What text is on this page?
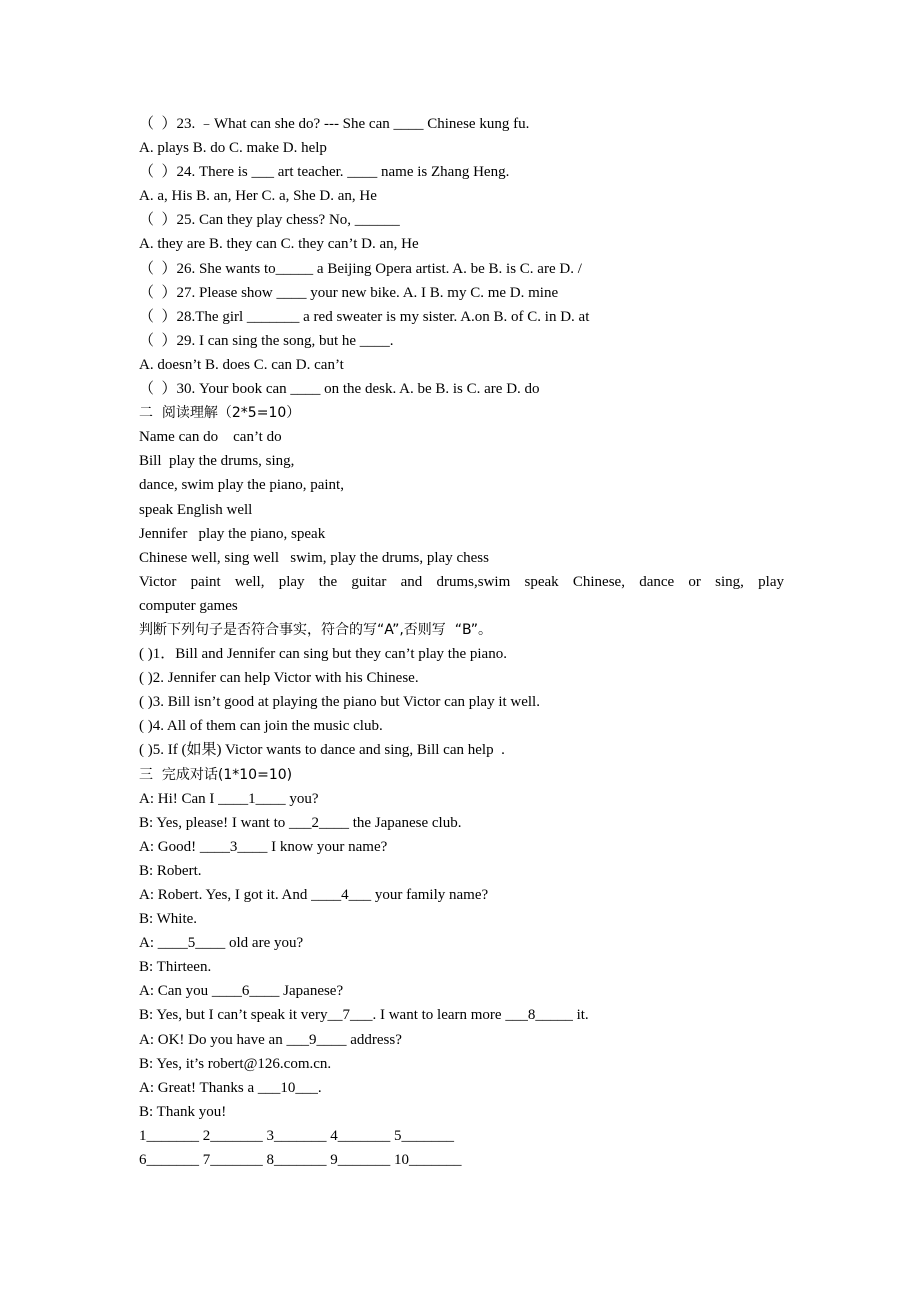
（  ）23. ﹣What can she do? --- She can ____ Chinese kung fu.
A. plays B. do C. make D. help
（  ）24. There is ___ art teacher. ____ name is Zhang Heng.
A. a, His B. an, Her C. a, She D. an, He
（  ）25. Can they play chess? No, ______
A. they are B. they can C. they can’t D. an, He
（  ）26. She wants to_____ a Beijing Opera artist. A. be B. is C. are D. /
（  ）27. Please show ____ your new bike. A. I B. my C. me D. mine
（  ）28.The girl _______ a red sweater is my sister. A.on B. of C. in D. at
（  ）29. I can sing the song, but he ____.
A. doesn’t B. does C. can D. can’t
（  ）30. Your book can ____ on the desk. A. be B. is C. are D. do
二  阅读理解（2*5=10）
Name can do    can’t do
Bill  play the drums, sing,
dance, swim play the piano, paint,
speak English well
Jennifer   play the piano, speak
Chinese well, sing well   swim, play the drums, play chess
Victor paint well, play the guitar and drums,swim speak Chinese, dance or sing, play
computer games
判断下列句子是否符合事实，符合的写“A”,否则写  “B”。
( )1．Bill and Jennifer can sing but they can’t play the piano.
( )2. Jennifer can help Victor with his Chinese.
( )3. Bill isn’t good at playing the piano but Victor can play it well.
( )4. All of them can join the music club.
( )5. If (如果) Victor wants to dance and sing, Bill can help  .
三  完成对话(1*10=10)
A: Hi! Can I ____1____ you?
B: Yes, please! I want to ___2____ the Japanese club.
A: Good! ____3____ I know your name?
B: Robert.
A: Robert. Yes, I got it. And ____4___ your family name?
B: White.
A: ____5____ old are you?
B: Thirteen.
A: Can you ____6____ Japanese?
B: Yes, but I can’t speak it very__7___. I want to learn more ___8_____ it.
A: OK! Do you have an ___9____ address?
B: Yes, it’s robert@126.com.cn.
A: Great! Thanks a ___10___.
B: Thank you!
1_______ 2_______ 3_______ 4_______ 5_______
6_______ 7_______ 8_______ 9_______ 10_______
